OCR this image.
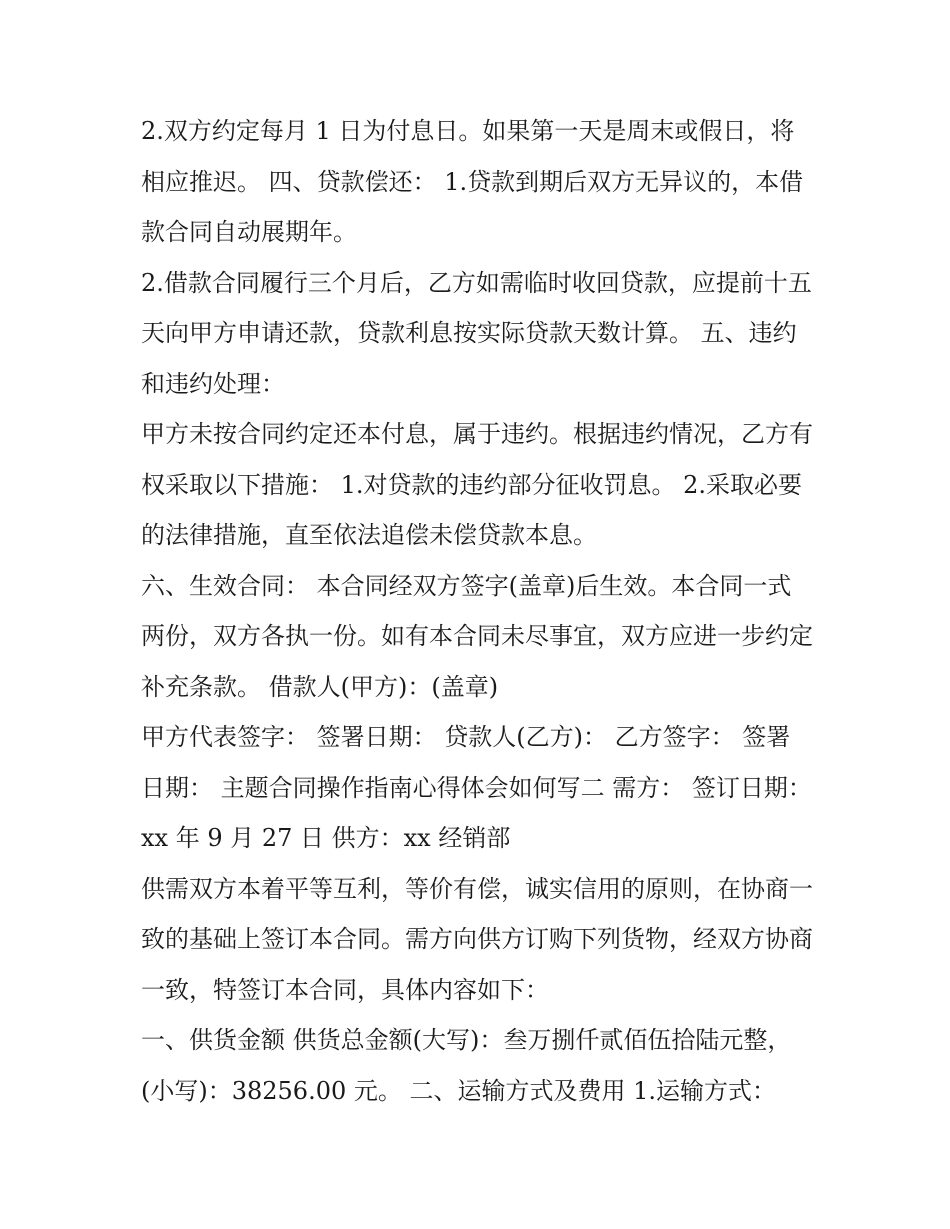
2.双方约定每月 1 日为付息日。如果第一天是周末或假日，将相应推迟。 四、贷款偿还： 1.贷款到期后双方无异议的，本借款合同自动展期年。

2.借款合同履行三个月后，乙方如需临时收回贷款，应提前十五天向甲方申请还款，贷款利息按实际贷款天数计算。 五、违约和违约处理：

甲方未按合同约定还本付息，属于违约。根据违约情况，乙方有权采取以下措施： 1.对贷款的违约部分征收罚息。 2.采取必要的法律措施，直至依法追偿未偿贷款本息。

六、生效合同： 本合同经双方签字(盖章)后生效。本合同一式两份，双方各执一份。如有本合同未尽事宜，双方应进一步约定补充条款。 借款人(甲方)：(盖章)

甲方代表签字： 签署日期： 贷款人(乙方)： 乙方签字： 签署日期： 主题合同操作指南心得体会如何写二 需方： 签订日期：xx 年 9 月 27 日 供方：xx 经销部

供需双方本着平等互利，等价有偿，诚实信用的原则，在协商一致的基础上签订本合同。需方向供方订购下列货物，经双方协商一致，特签订本合同，具体内容如下：

一、供货金额 供货总金额(大写)：叁万捌仟贰佰伍拾陆元整，(小写)：38256.00 元。 二、运输方式及费用 1.运输方式：
